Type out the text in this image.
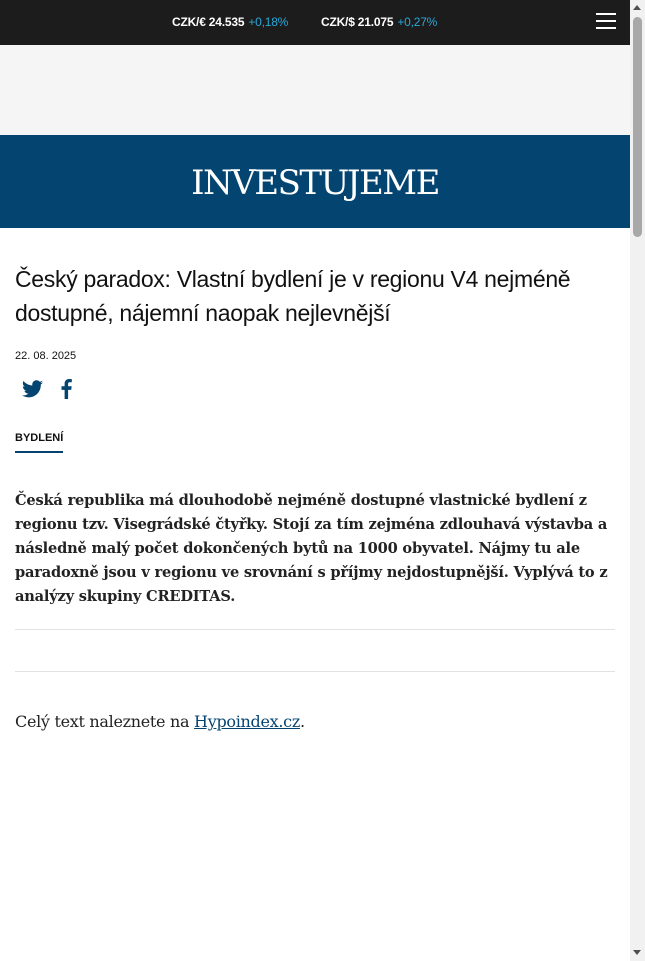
CZK/€ 24.535 +0,18%	CZK/$ 21.075 +0,27%
INVESTUJEME
Český paradox: Vlastní bydlení je v regionu V4 nejméně dostupné, nájemní naopak nejlevnější
22. 08. 2025
BYDLENÍ

Česká republika má dlouhodobě nejméně dostupné vlastnické bydlení z regionu tzv. Visegrádské čtyřky. Stojí za tím zejména zdlouhavá výstavba a následně malý počet dokončených bytů na 1000 obyvatel. Nájmy tu ale paradoxně jsou v regionu ve srovnání s příjmy nejdostupnější. Vyplývá to z analýzy skupiny CREDITAS.

Celý text naleznete na Hypoindex.cz.
